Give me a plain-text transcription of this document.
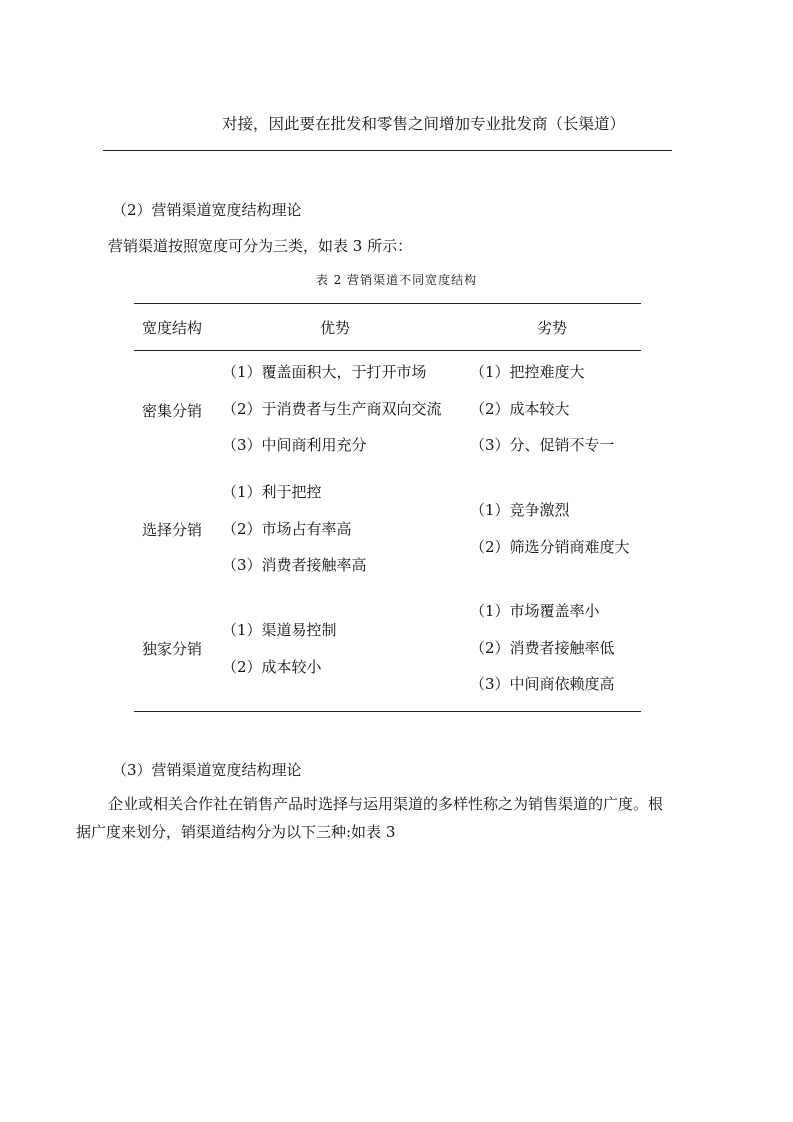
对接，因此要在批发和零售之间增加专业批发商（长渠道）
（2）营销渠道宽度结构理论
营销渠道按照宽度可分为三类，如表 3 所示：
表 2 营销渠道不同宽度结构
宽度结构	优势	劣势
密集分销
（1）覆盖面积大，于打开市场
（2）于消费者与生产商双向交流
（3）中间商利用充分
（1）把控难度大
（2）成本较大
（3）分、促销不专一
选择分销
（1）利于把控
（2）市场占有率高
（3）消费者接触率高
（1）竞争激烈
（2）筛选分销商难度大
独家分销
（1）渠道易控制
（2）成本较小
（1）市场覆盖率小
（2）消费者接触率低
（3）中间商依赖度高
（3）营销渠道宽度结构理论
企业或相关合作社在销售产品时选择与运用渠道的多样性称之为销售渠道的广度。根
据广度来划分，销渠道结构分为以下三种:如表 3
